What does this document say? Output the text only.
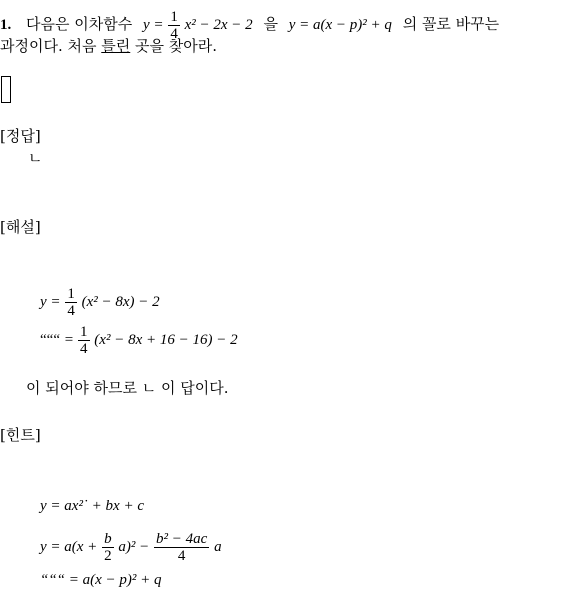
1. 다음은 이차함수 $y = \frac{1}{4} x^2 - 2x - 2$ 을 y = a(x − p)² + q 의 꼴로 바꾸는
과정이다. 처음 틀린 곳을 찾아라.
[정답]
ㄴ
[해설]
$y = \frac{1}{4} (x^2 - 8x) - 2$
“““ = $\frac{1}{4} (x^2 - 8x + 16 - 16) - 2$
이 되어야 하므로 ㄴ 이 답이다.
[힌트]
y = ax²˙ + bx + c
$y = a(x + \frac{b}{2} a)^2 - \frac{\text{b² − 4ac}}{4}$ a
“““ = a(x − p)² + q
